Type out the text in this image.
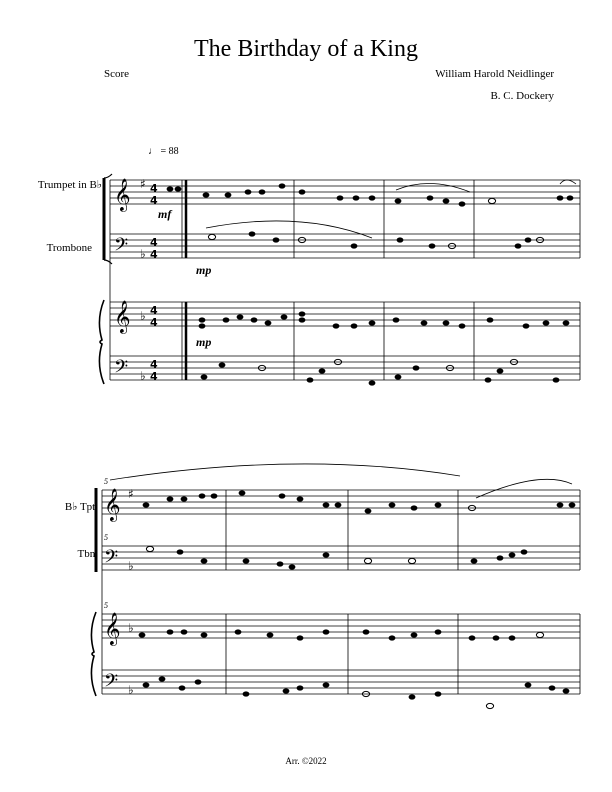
The Birthday of a King
Score	William Harold Neidlinger
B. C. Dockery
♩ = 88
Trumpet in B♭
Trombone
B♭ Tpt.
Tbn.
Arr. ©2022
𝄞 ♯ 4
4
𝄢 ♭
4
4
𝄞 ♭ 4
4
𝄢 ♭
4
4
mf
mp
mp
𝄞 ♯
𝄢 ♭
𝄞 ♭
𝄢 ♭
5
5
5
